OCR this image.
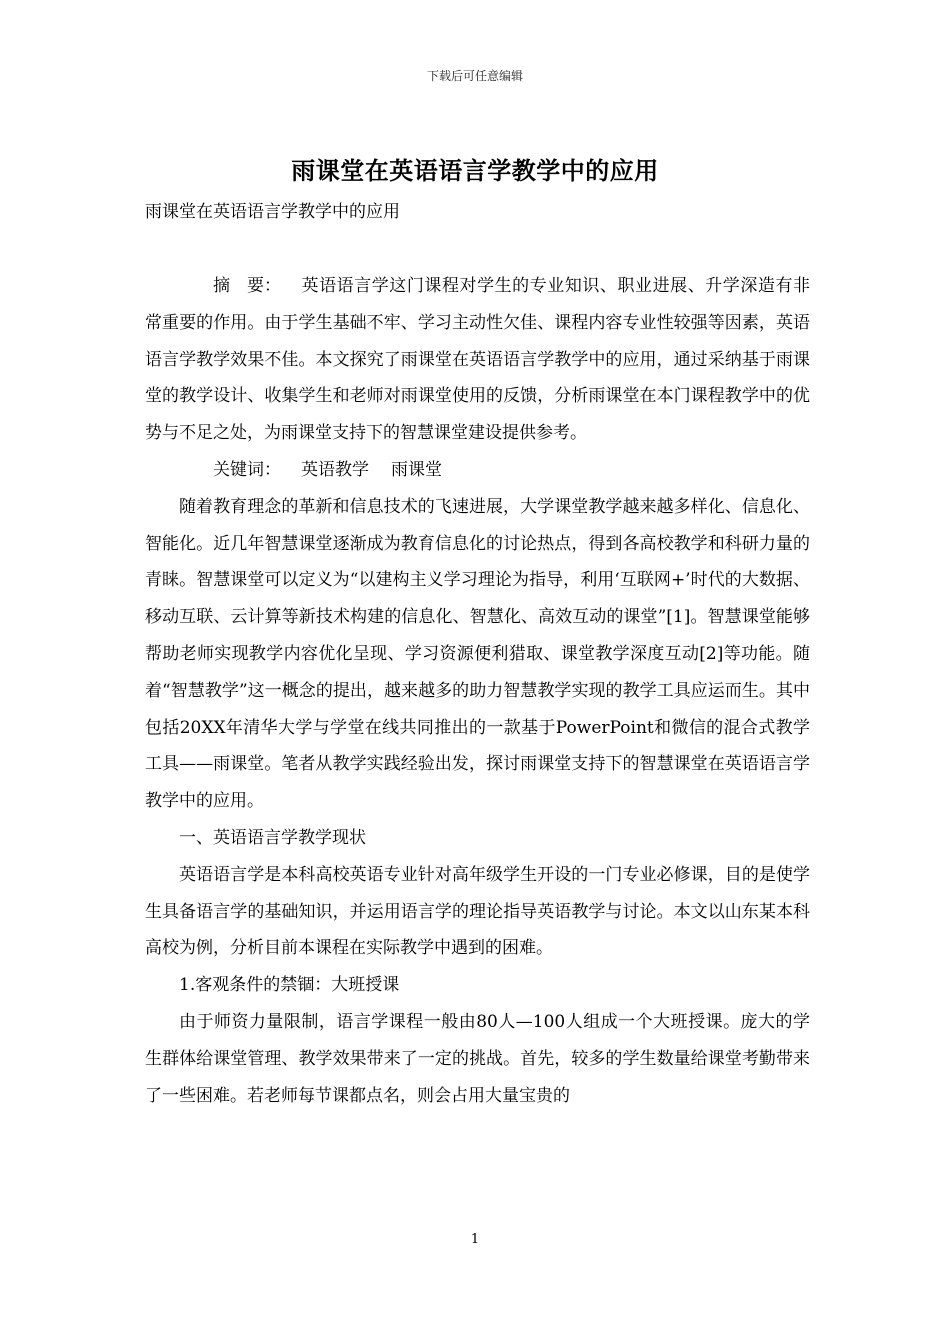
下载后可任意编辑
雨课堂在英语语言学教学中的应用
雨课堂在英语语言学教学中的应用

摘　要： 英语语言学这门课程对学生的专业知识、职业进展、升学深造有非常重要的作用。由于学生基础不牢、学习主动性欠佳、课程内容专业性较强等因素，英语语言学教学效果不佳。本文探究了雨课堂在英语语言学教学中的应用，通过采纳基于雨课堂的教学设计、收集学生和老师对雨课堂使用的反馈，分析雨课堂在本门课程教学中的优势与不足之处，为雨课堂支持下的智慧课堂建设提供参考。

关键词： 英语教学 雨课堂

随着教育理念的革新和信息技术的飞速进展，大学课堂教学越来越多样化、信息化、智能化。近几年智慧课堂逐渐成为教育信息化的讨论热点，得到各高校教学和科研力量的青睐。智慧课堂可以定义为“以建构主义学习理论为指导，利用‘互联网+’时代的大数据、移动互联、云计算等新技术构建的信息化、智慧化、高效互动的课堂”[1]。智慧课堂能够帮助老师实现教学内容优化呈现、学习资源便利猎取、课堂教学深度互动[2]等功能。随着“智慧教学”这一概念的提出，越来越多的助力智慧教学实现的教学工具应运而生。其中包括20XX年清华大学与学堂在线共同推出的一款基于PowerPoint和微信的混合式教学工具——雨课堂。笔者从教学实践经验出发，探讨雨课堂支持下的智慧课堂在英语语言学教学中的应用。

一、英语语言学教学现状

英语语言学是本科高校英语专业针对高年级学生开设的一门专业必修课，目的是使学生具备语言学的基础知识，并运用语言学的理论指导英语教学与讨论。本文以山东某本科高校为例，分析目前本课程在实际教学中遇到的困难。

1.客观条件的禁锢：大班授课

由于师资力量限制，语言学课程一般由80人—100人组成一个大班授课。庞大的学生群体给课堂管理、教学效果带来了一定的挑战。首先，较多的学生数量给课堂考勤带来了一些困难。若老师每节课都点名，则会占用大量宝贵的

1
